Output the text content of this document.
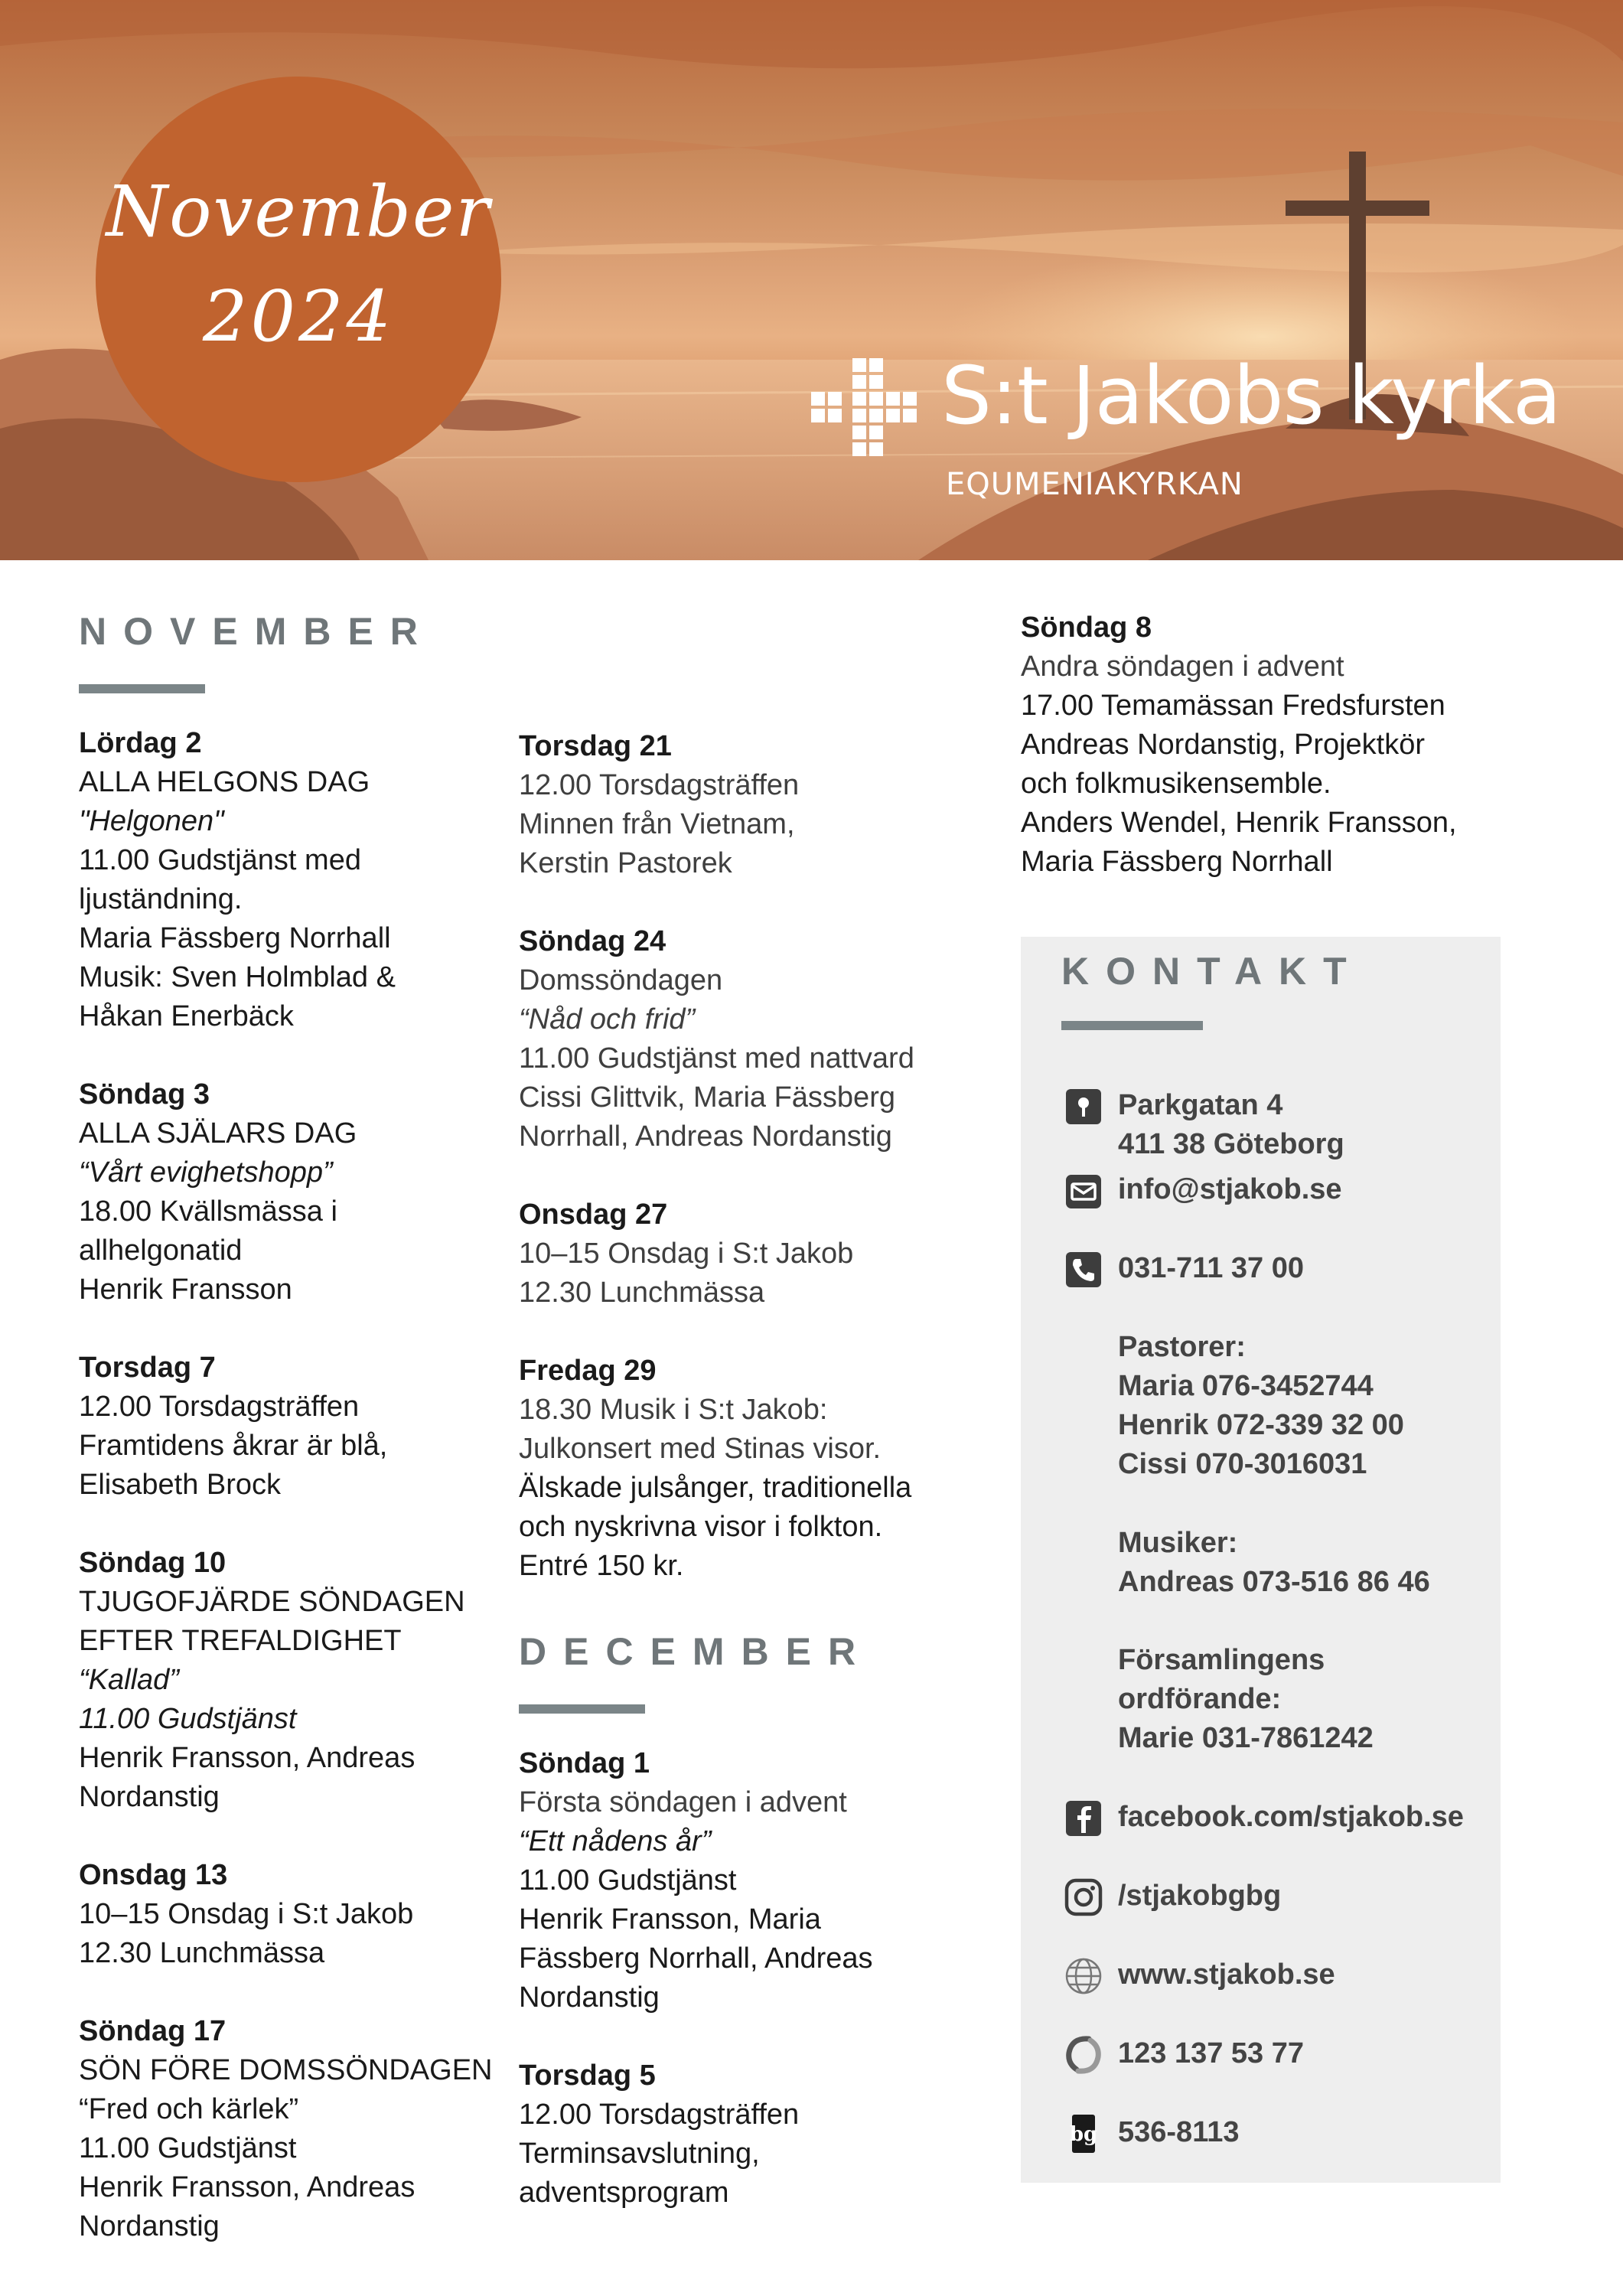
November
2024
S:t Jakobs kyrka
EQUMENIAKYRKAN
NOVEMBER
Lördag 2
ALLA HELGONS DAG
"Helgonen"
11.00 Gudstjänst med
ljuständning.
Maria Fässberg Norrhall
Musik: Sven Holmblad &
Håkan Enerbäck
Söndag 3
ALLA SJÄLARS DAG
“Vårt evighetshopp”
18.00 Kvällsmässa i
allhelgonatid
Henrik Fransson
Torsdag 7
12.00 Torsdagsträffen
Framtidens åkrar är blå,
Elisabeth Brock
Söndag 10
TJUGOFJÄRDE SÖNDAGEN
EFTER TREFALDIGHET
“Kallad”
11.00 Gudstjänst
Henrik Fransson, Andreas
Nordanstig
Onsdag 13
10–15 Onsdag i S:t Jakob
12.30 Lunchmässa
Söndag 17
SÖN FÖRE DOMSSÖNDAGEN
“Fred och kärlek”
11.00 Gudstjänst
Henrik Fransson, Andreas
Nordanstig
Torsdag 21
12.00 Torsdagsträffen
Minnen från Vietnam,
Kerstin Pastorek
Söndag 24
Domssöndagen
“Nåd och frid”
11.00 Gudstjänst med nattvard
Cissi Glittvik, Maria Fässberg
Norrhall, Andreas Nordanstig
Onsdag 27
10–15 Onsdag i S:t Jakob
12.30 Lunchmässa
Fredag 29
18.30 Musik i S:t Jakob:
Julkonsert med Stinas visor.
Älskade julsånger, traditionella
och nyskrivna visor i folkton.
Entré 150 kr.
DECEMBER
Söndag 1
Första söndagen i advent
“Ett nådens år”
11.00 Gudstjänst
Henrik Fransson, Maria
Fässberg Norrhall, Andreas
Nordanstig
Torsdag 5
12.00 Torsdagsträffen
Terminsavslutning,
adventsprogram
Söndag 8
Andra söndagen i advent
17.00 Temamässan Fredsfursten
Andreas Nordanstig, Projektkör
och folkmusikensemble.
Anders Wendel, Henrik Fransson,
Maria Fässberg Norrhall
KONTAKT
Parkgatan 4
411 38 Göteborg
info@stjakob.se
031-711 37 00
Pastorer:
Maria 076-3452744
Henrik 072-339 32 00
Cissi 070-3016031
Musiker:
Andreas 073-516 86 46
Församlingens
ordförande:
Marie 031-7861242
facebook.com/stjakob.se
/stjakobgbg
www.stjakob.se
123 137 53 77
bg 536-8113
